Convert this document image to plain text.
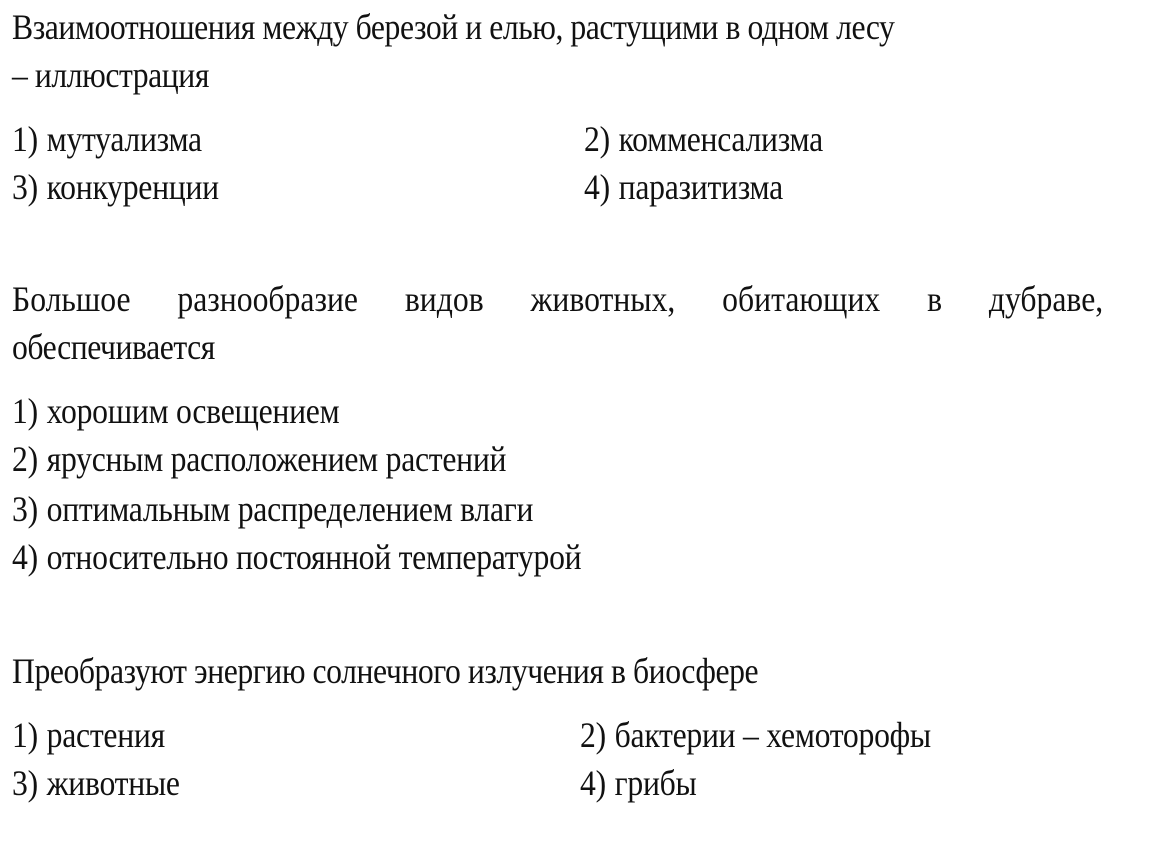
Взаимоотношения между березой и елью, растущими в одном лесу
– иллюстрация
1) мутуализма	2) комменсализма
3) конкуренции	4) паразитизма
Большое разнообразие видов животных, обитающих в дубраве,
обеспечивается
1) хорошим освещением
2) ярусным расположением растений
3) оптимальным распределением влаги
4) относительно постоянной температурой
Преобразуют энергию солнечного излучения в биосфере
1) растения	2) бактерии – хемоторофы
3) животные	4) грибы
